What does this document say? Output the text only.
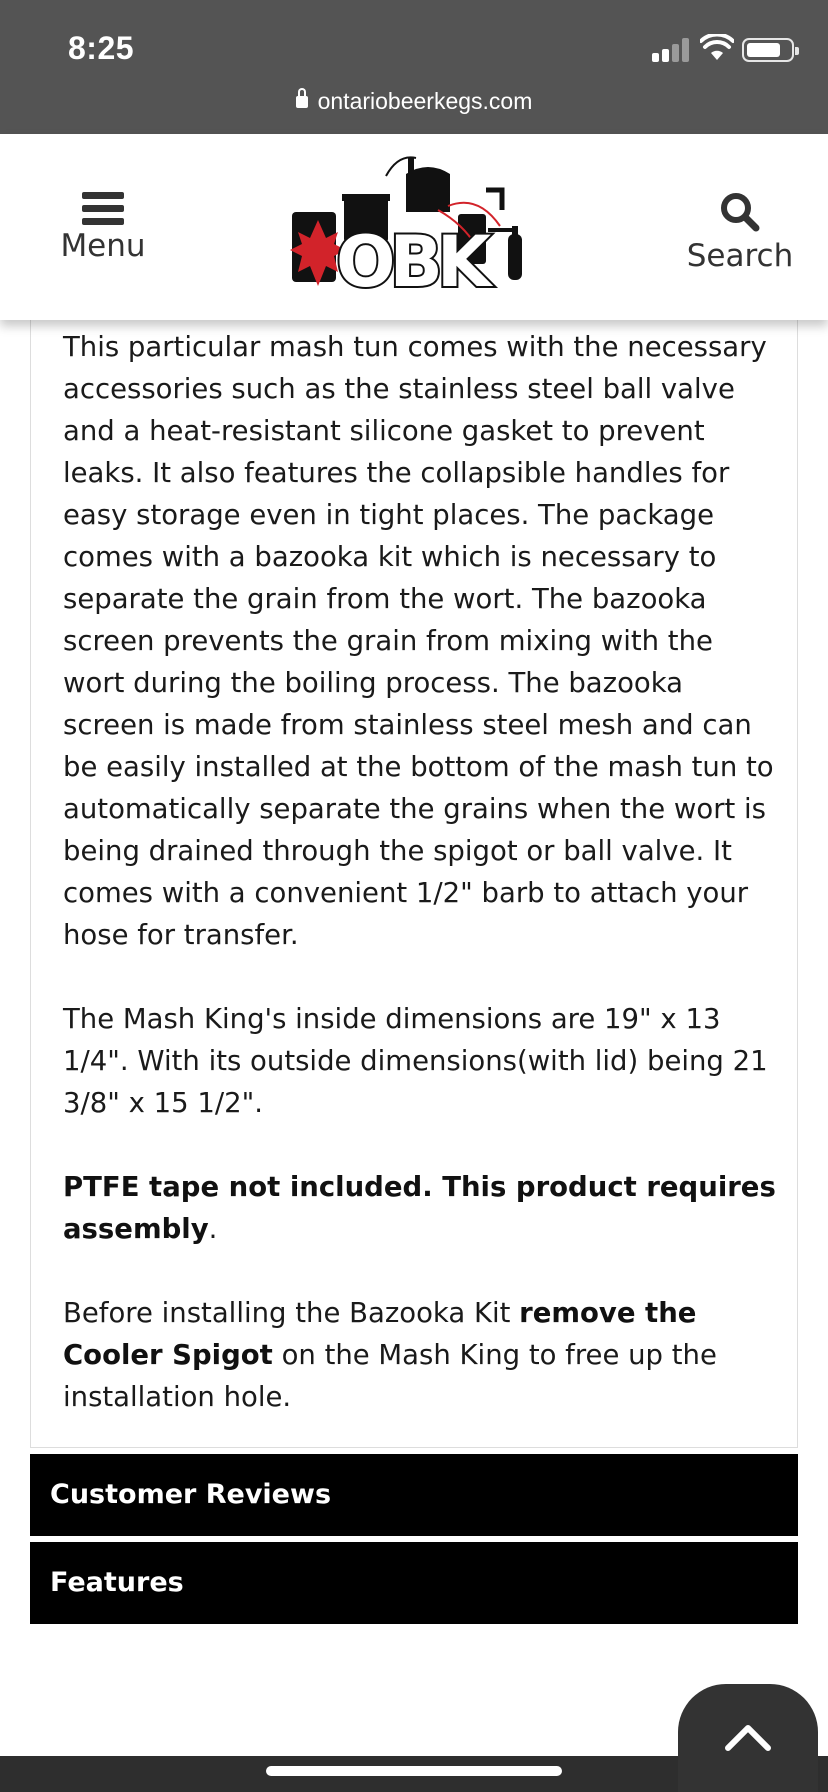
8:25
ontariobeerkegs.com
Menu	OBK	Search

This particular mash tun comes with the necessary accessories such as the stainless steel ball valve and a heat-resistant silicone gasket to prevent leaks. It also features the collapsible handles for easy storage even in tight places. The package comes with a bazooka kit which is necessary to separate the grain from the wort. The bazooka screen prevents the grain from mixing with the wort during the boiling process. The bazooka screen is made from stainless steel mesh and can be easily installed at the bottom of the mash tun to automatically separate the grains when the wort is being drained through the spigot or ball valve. It comes with a convenient 1/2" barb to attach your hose for transfer.

The Mash King's inside dimensions are 19" x 13 1/4". With its outside dimensions(with lid) being 21 3/8" x 15 1/2".

PTFE tape not included. This product requires assembly.

Before installing the Bazooka Kit remove the Cooler Spigot on the Mash King to free up the installation hole.

Customer Reviews
Features
